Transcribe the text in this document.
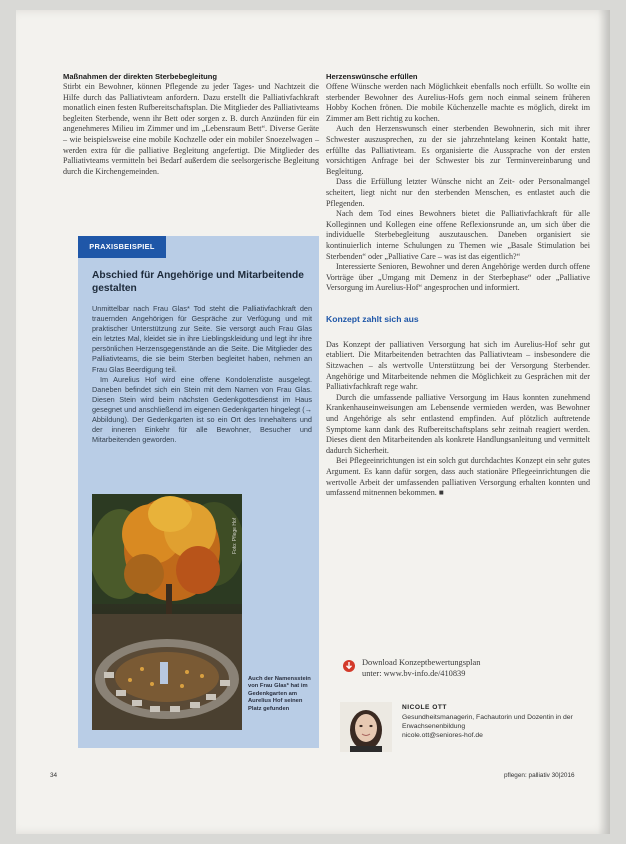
Maßnahmen der direkten Sterbebegleitung

Stirbt ein Bewohner, können Pflegende zu jeder Tages- und Nachtzeit die Hilfe durch das Palliativteam anfordern. Dazu erstellt die Palliativfachkraft monatlich einen festen Rufbereitschaftsplan. Die Mitglieder des Palliativteams begleiten Sterbende, wenn ihr Bett oder sorgen z. B. durch Anzünden für ein angenehmeres Milieu im Zimmer und im „Lebensraum Bett“. Diverse Geräte – wie beispielsweise eine mobile Kochzelle oder ein mobiler Snoezelwagen – werden extra für die palliative Begleitung angefertigt. Die Mitglieder des Palliativteams vermitteln bei Bedarf außerdem die seelsorgerische Begleitung durch die Kirchengemeinden.

PRAXISBEISPIEL
Abschied für Angehörige und Mitarbeitende gestalten

Unmittelbar nach Frau Glas* Tod steht die Palliativfachkraft den trauernden Angehörigen für Gespräche zur Verfügung und mit praktischer Unterstützung zur Seite. Sie versorgt auch Frau Glas ein letztes Mal, kleidet sie in ihre Lieblingskleidung und legt ihr ihre persönlichen Herzensgegenstände an die Seite. Die Mitglieder des Palliativteams, die sie beim Sterben begleitet haben, nehmen an Frau Glas Beerdigung teil.

Im Aurelius Hof wird eine offene Kondolenzliste ausgelegt. Daneben befindet sich ein Stein mit dem Namen von Frau Glas. Diesen Stein wird beim nächsten Gedenkgottesdienst im Haus gesegnet und anschließend im eigenen Gedenkgarten hingelegt (→ Abbildung). Der Gedenkgarten ist so ein Ort des Innehaltens und der inneren Einkehr für alle Bewohner, Besucher und Mitarbeitenden geworden.

Foto: Pflege Hof
Auch der Namensstein von Frau Glas* hat im Gedenkgarten am Aurelius Hof seinen Platz gefunden

Herzenswünsche erfüllen

Offene Wünsche werden nach Möglichkeit ebenfalls noch erfüllt. So wollte ein sterbender Bewohner des Aurelius-Hofs gern noch einmal seinem früheren Hobby Kochen frönen. Die mobile Küchenzelle machte es möglich, direkt im Zimmer am Bett richtig zu kochen.

Auch den Herzenswunsch einer sterbenden Bewohnerin, sich mit ihrer Schwester auszusprechen, zu der sie jahrzehntelang keinen Kontakt hatte, erfüllte das Palliativteam. Es organisierte die Aussprache von der ersten vorsichtigen Anfrage bei der Schwester bis zur Terminvereinbarung und Begleitung.

Dass die Erfüllung letzter Wünsche nicht an Zeit- oder Personalmangel scheitert, liegt nicht nur den sterbenden Menschen, es entlastet auch die Pflegenden.

Nach dem Tod eines Bewohners bietet die Palliativfachkraft für alle Kolleginnen und Kollegen eine offene Reflexionsrunde an, um sich über die individuelle Sterbebegleitung auszutauschen. Daneben organisiert sie kontinuierlich interne Schulungen zu Themen wie „Basale Stimulation bei Sterbenden“ oder „Palliative Care – was ist das eigentlich?“

Interessierte Senioren, Bewohner und deren Angehörige werden durch offene Vorträge über „Umgang mit Demenz in der Sterbephase“ oder „Palliative Versorgung im Aurelius-Hof“ angesprochen und informiert.

Konzept zahlt sich aus

Das Konzept der palliativen Versorgung hat sich im Aurelius-Hof sehr gut etabliert. Die Mitarbeitenden betrachten das Palliativteam – insbesondere die Sitzwachen – als wertvolle Unterstützung bei der Versorgung Sterbender. Angehörige und Mitarbeitende nehmen die Möglichkeit zu Gesprächen mit der Palliativfachkraft rege wahr.

Durch die umfassende palliative Versorgung im Haus konnten zunehmend Krankenhauseinweisungen am Lebensende vermieden werden, was Bewohner und Angehörige als sehr entlastend empfinden. Auf plötzlich auftretende Symptome kann dank des Rufbereitschaftsplans sehr zeitnah reagiert werden. Dieses dient den Mitarbeitenden als konkrete Handlungsanleitung und vermittelt dadurch Sicherheit.

Bei Pflegeeinrichtungen ist ein solch gut durchdachtes Konzept ein sehr gutes Argument. Es kann dafür sorgen, dass auch stationäre Pflegeeinrichtungen die wertvolle Arbeit der umfassenden palliativen Versorgung erhalten konnten und umfassend mitnennen bekommen. ■

Download Konzeptbewertungsplan

unter: www.bv-info.de/410839

NICOLE OTT
Gesundheitsmanagerin, Fachautorin und Dozentin in der Erwachsenenbildung
nicole.ott@seniores-hof.de
34	pflegen: palliativ 30|2016
